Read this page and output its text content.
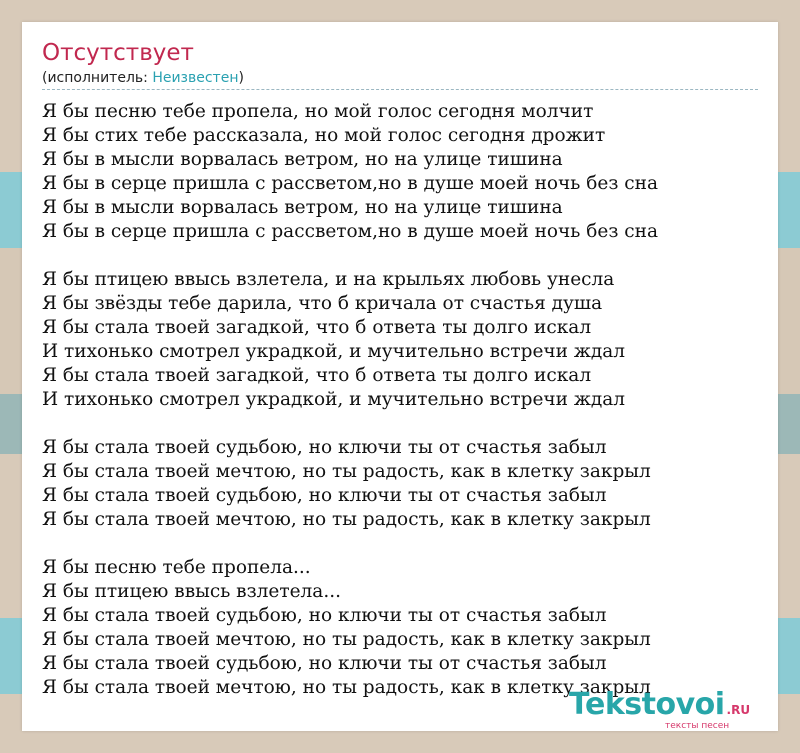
Отсутствует
(исполнитель: Неизвестен)
Я бы песню тебе пропела, но мой голос сегодня молчит
Я бы стих тебе рассказала, но мой голос сегодня дрожит
Я бы в мысли ворвалась ветром, но на улице тишина
Я бы в серце пришла с рассветом,но в душе моей ночь без сна
Я бы в мысли ворвалась ветром, но на улице тишина
Я бы в серце пришла с рассветом,но в душе моей ночь без сна
Я бы птицею ввысь взлетела, и на крыльях любовь унесла
Я бы звёзды тебе дарила, что б кричала от счастья душа
Я бы стала твоей загадкой, что б ответа ты долго искал
И тихонько смотрел украдкой, и мучительно встречи ждал
Я бы стала твоей загадкой, что б ответа ты долго искал
И тихонько смотрел украдкой, и мучительно встречи ждал
Я бы стала твоей судьбою, но ключи ты от счастья забыл
Я бы стала твоей мечтою, но ты радость, как в клетку закрыл
Я бы стала твоей судьбою, но ключи ты от счастья забыл
Я бы стала твоей мечтою, но ты радость, как в клетку закрыл
Я бы песню тебе пропела...
Я бы птицею ввысь взлетела...
Я бы стала твоей судьбою, но ключи ты от счастья забыл
Я бы стала твоей мечтою, но ты радость, как в клетку закрыл
Я бы стала твоей судьбою, но ключи ты от счастья забыл
Я бы стала твоей мечтою, но ты радость, как в клетку закрыл
Tekstovoi .RU
тексты песен
